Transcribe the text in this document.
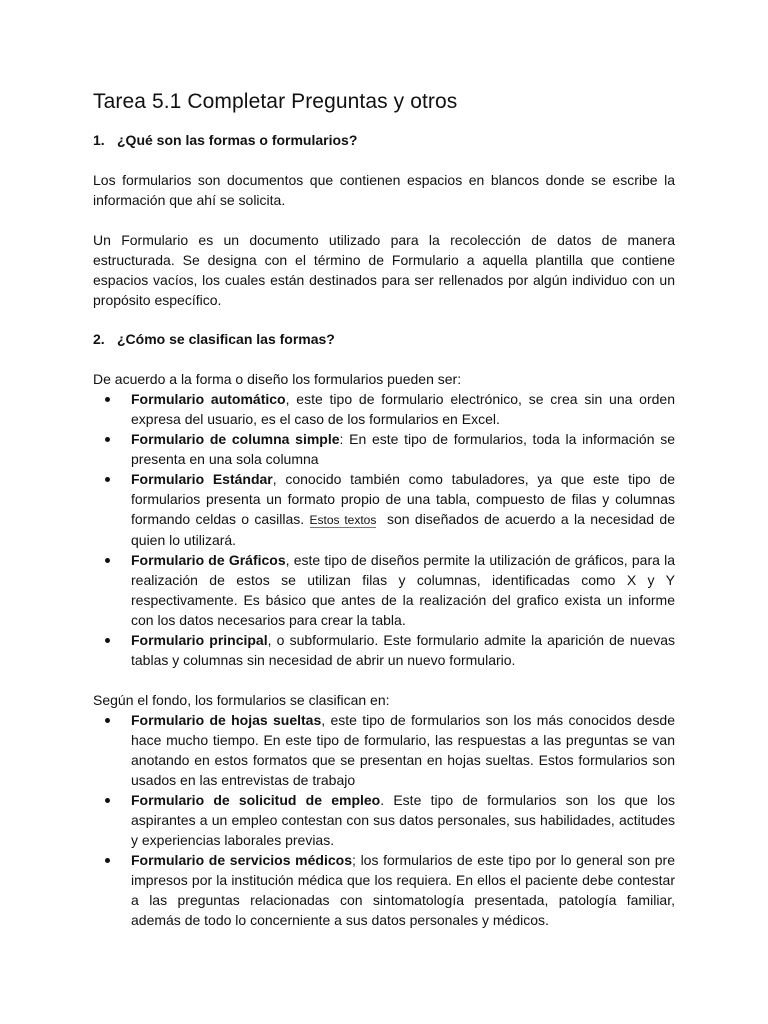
Tarea 5.1 Completar Preguntas y otros
1. ¿Qué son las formas o formularios?

Los formularios son documentos que contienen espacios en blancos donde se escribe la información que ahí se solicita.

Un Formulario es un documento utilizado para la recolección de datos de manera estructurada. Se designa con el término de Formulario a aquella plantilla que contiene espacios vacíos, los cuales están destinados para ser rellenados por algún individuo con un propósito específico.

2. ¿Cómo se clasifican las formas?

De acuerdo a la forma o diseño los formularios pueden ser:

Formulario automático, este tipo de formulario electrónico, se crea sin una orden expresa del usuario, es el caso de los formularios en Excel.
Formulario de columna simple: En este tipo de formularios, toda la información se presenta en una sola columna
Formulario Estándar, conocido también como tabuladores, ya que este tipo de formularios presenta un formato propio de una tabla, compuesto de filas y columnas formando celdas o casillas. Estos textos  son diseñados de acuerdo a la necesidad de  quien lo utilizará.
Formulario de Gráficos, este tipo de diseños permite la utilización de gráficos, para la realización de estos se utilizan filas y columnas, identificadas como X y Y respectivamente. Es básico que antes de la realización del grafico exista un informe con los datos necesarios para crear la tabla.
Formulario principal, o subformulario. Este formulario admite la aparición de nuevas tablas y columnas sin necesidad de abrir un nuevo formulario.

Según el fondo, los formularios se clasifican en:

Formulario de hojas sueltas, este tipo de formularios son los más conocidos desde hace mucho tiempo. En este tipo de formulario, las respuestas a las preguntas se van anotando en estos formatos que se presentan en hojas sueltas. Estos formularios son usados en las entrevistas de trabajo
Formulario de solicitud de empleo. Este tipo de formularios son los que los aspirantes a un empleo contestan con sus datos personales, sus habilidades, actitudes y experiencias laborales previas.
Formulario de servicios médicos; los formularios de este tipo por lo general son pre impresos por la institución médica que los requiera. En ellos el paciente debe contestar a las preguntas relacionadas con sintomatología presentada, patología familiar, además de todo lo concerniente a sus datos personales y médicos.
